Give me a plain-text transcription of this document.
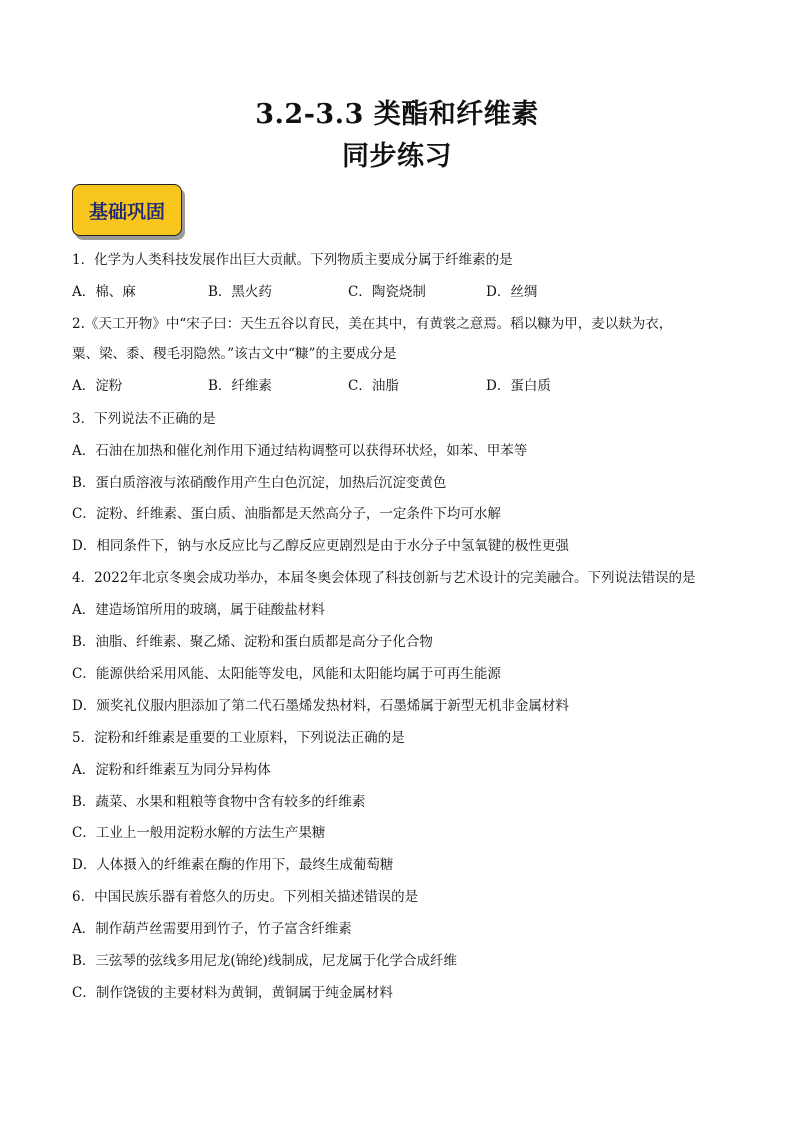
3.2-3.3 类酯和纤维素
同步练习
基础巩固

1．化学为人类科技发展作出巨大贡献。下列物质主要成分属于纤维素的是

A．棉、麻	B．黑火药	C．陶瓷烧制	D．丝绸

2.《天工开物》中“宋子曰：天生五谷以育民，美在其中，有黄裳之意焉。稻以糠为甲，麦以麸为衣，

粟、梁、黍、稷毛羽隐然。”该古文中“糠”的主要成分是

A．淀粉	B．纤维素	C．油脂	D．蛋白质

3．下列说法不正确的是

A．石油在加热和催化剂作用下通过结构调整可以获得环状烃，如苯、甲苯等

B．蛋白质溶液与浓硝酸作用产生白色沉淀，加热后沉淀变黄色

C．淀粉、纤维素、蛋白质、油脂都是天然高分子，一定条件下均可水解

D．相同条件下，钠与水反应比与乙醇反应更剧烈是由于水分子中氢氧键的极性更强

4．2022年北京冬奥会成功举办，本届冬奥会体现了科技创新与艺术设计的完美融合。下列说法错误的是

A．建造场馆所用的玻璃，属于硅酸盐材料

B．油脂、纤维素、聚乙烯、淀粉和蛋白质都是高分子化合物

C．能源供给采用风能、太阳能等发电，风能和太阳能均属于可再生能源

D．颁奖礼仪服内胆添加了第二代石墨烯发热材料，石墨烯属于新型无机非金属材料

5．淀粉和纤维素是重要的工业原料，下列说法正确的是

A．淀粉和纤维素互为同分异构体

B．蔬菜、水果和粗粮等食物中含有较多的纤维素

C．工业上一般用淀粉水解的方法生产果糖

D．人体摄入的纤维素在酶的作用下，最终生成葡萄糖

6．中国民族乐器有着悠久的历史。下列相关描述错误的是

A．制作葫芦丝需要用到竹子，竹子富含纤维素

B．三弦琴的弦线多用尼龙(锦纶)线制成，尼龙属于化学合成纤维

C．制作饶钹的主要材料为黄铜，黄铜属于纯金属材料
